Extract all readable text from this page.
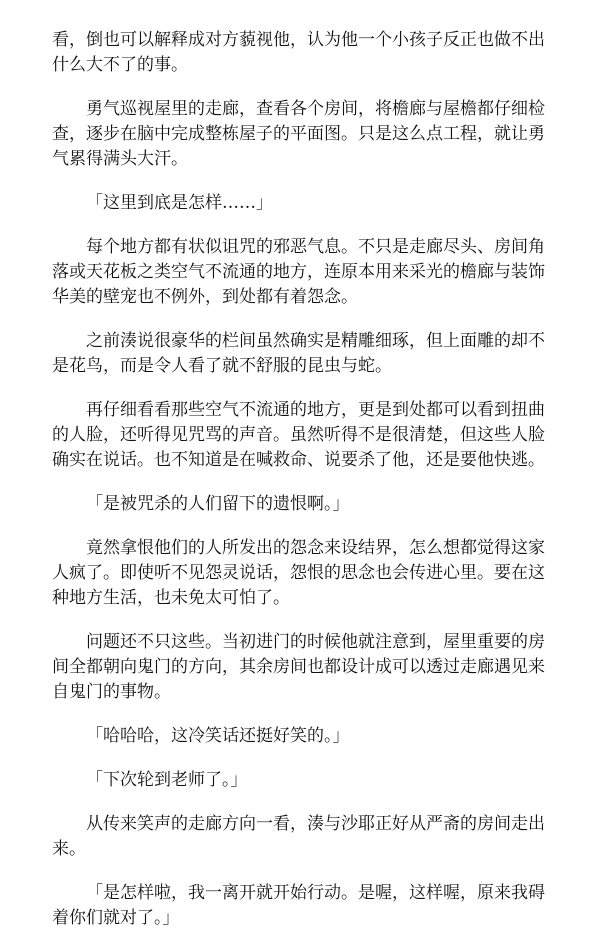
看，倒也可以解释成对方藐视他，认为他一个小孩子反正也做不出
什么大不了的事。

勇气巡视屋里的走廊，查看各个房间，将檐廊与屋檐都仔细检
查，逐步在脑中完成整栋屋子的平面图。只是这么点工程，就让勇
气累得满头大汗。

「这里到底是怎样……」

每个地方都有状似诅咒的邪恶气息。不只是走廊尽头、房间角
落或天花板之类空气不流通的地方，连原本用来采光的檐廊与装饰
华美的壁宠也不例外，到处都有着怨念。

之前湊说很豪华的栏间虽然确实是精雕细琢，但上面雕的却不
是花鸟，而是令人看了就不舒服的昆虫与蛇。

再仔细看看那些空气不流通的地方，更是到处都可以看到扭曲
的人脸，还听得见咒骂的声音。虽然听得不是很清楚，但这些人脸
确实在说话。也不知道是在喊救命、说要杀了他，还是要他快逃。

「是被咒杀的人们留下的遗恨啊。」

竟然拿恨他们的人所发出的怨念来设结界，怎么想都觉得这家
人疯了。即使听不见怨灵说话，怨恨的思念也会传进心里。要在这
种地方生活，也未免太可怕了。

问题还不只这些。当初进门的时候他就注意到，屋里重要的房
间全都朝向鬼门的方向，其余房间也都设计成可以透过走廊遇见来
自鬼门的事物。

「哈哈哈，这冷笑话还挺好笑的。」

「下次轮到老师了。」

从传来笑声的走廊方向一看，湊与沙耶正好从严斋的房间走出
来。

「是怎样啦，我一离开就开始行动。是喔，这样喔，原来我碍
着你们就对了。」
